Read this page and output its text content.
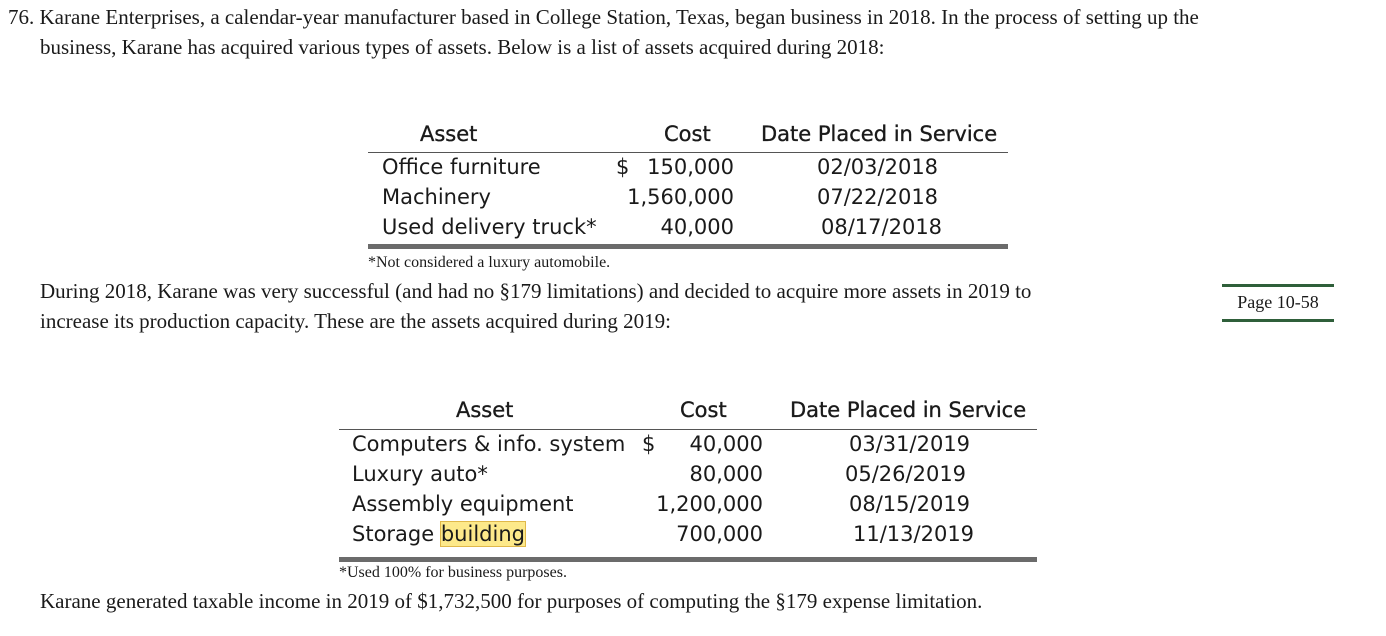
76. Karane Enterprises, a calendar-year manufacturer based in College Station, Texas, began business in 2018. In the process of setting up the
business, Karane has acquired various types of assets. Below is a list of assets acquired during 2018:
Asset	Cost Date Placed in Service
Office furniture	$ 150,000	02/03/2018
Machinery	1,560,000	07/22/2018
Used delivery truck*	40,000	08/17/2018
*Not considered a luxury automobile.
During 2018, Karane was very successful (and had no §179 limitations) and decided to acquire more assets in 2019 to
increase its production capacity. These are the assets acquired during 2019:
Page 10-58
Asset	Cost	Date Placed in Service
Computers & info. system $ 40,000	03/31/2019
Luxury auto*	80,000	05/26/2019
Assembly equipment	1,200,000	08/15/2019
Storage building	700,000	11/13/2019
*Used 100% for business purposes.
Karane generated taxable income in 2019 of $1,732,500 for purposes of computing the §179 expense limitation.
